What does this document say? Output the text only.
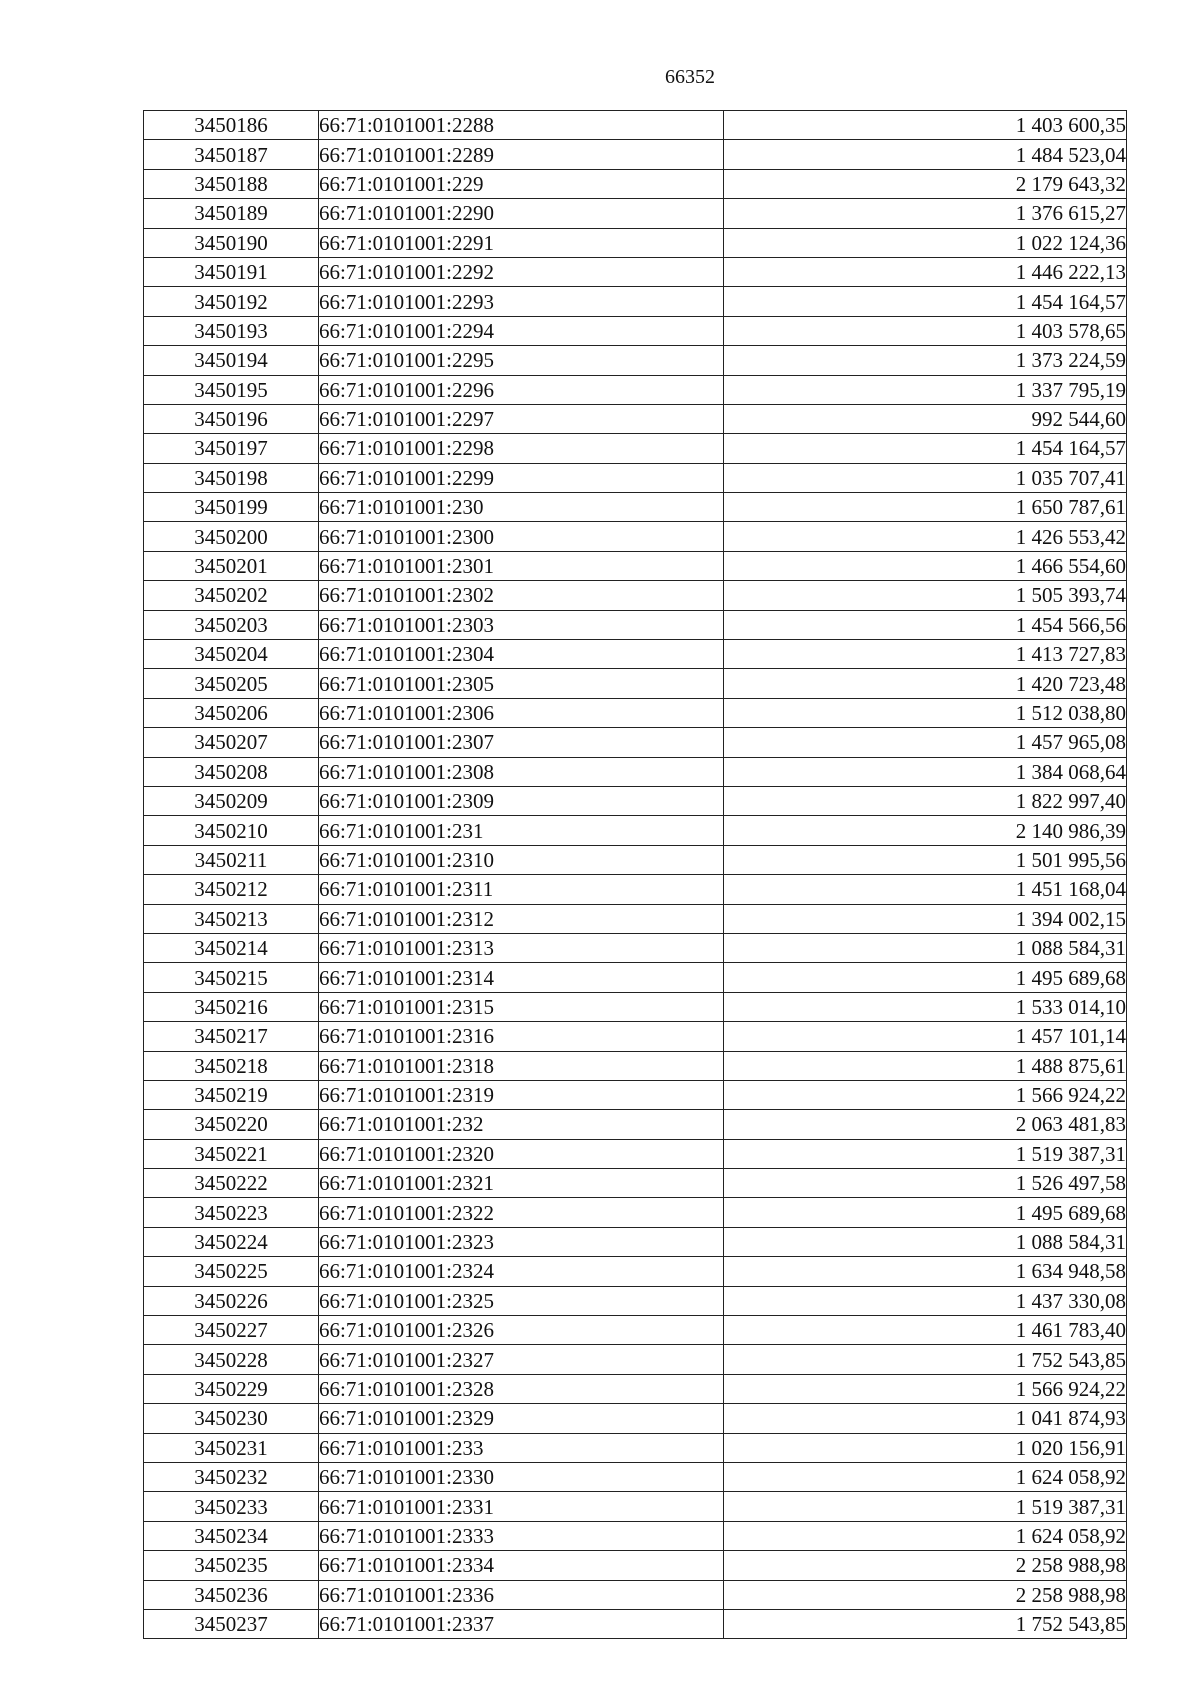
66352
3450186	66:71:0101001:2288	1 403 600,35
3450187	66:71:0101001:2289	1 484 523,04
3450188	66:71:0101001:229	2 179 643,32
3450189	66:71:0101001:2290	1 376 615,27
3450190	66:71:0101001:2291	1 022 124,36
3450191	66:71:0101001:2292	1 446 222,13
3450192	66:71:0101001:2293	1 454 164,57
3450193	66:71:0101001:2294	1 403 578,65
3450194	66:71:0101001:2295	1 373 224,59
3450195	66:71:0101001:2296	1 337 795,19
3450196	66:71:0101001:2297	992 544,60
3450197	66:71:0101001:2298	1 454 164,57
3450198	66:71:0101001:2299	1 035 707,41
3450199	66:71:0101001:230	1 650 787,61
3450200	66:71:0101001:2300	1 426 553,42
3450201	66:71:0101001:2301	1 466 554,60
3450202	66:71:0101001:2302	1 505 393,74
3450203	66:71:0101001:2303	1 454 566,56
3450204	66:71:0101001:2304	1 413 727,83
3450205	66:71:0101001:2305	1 420 723,48
3450206	66:71:0101001:2306	1 512 038,80
3450207	66:71:0101001:2307	1 457 965,08
3450208	66:71:0101001:2308	1 384 068,64
3450209	66:71:0101001:2309	1 822 997,40
3450210	66:71:0101001:231	2 140 986,39
3450211	66:71:0101001:2310	1 501 995,56
3450212	66:71:0101001:2311	1 451 168,04
3450213	66:71:0101001:2312	1 394 002,15
3450214	66:71:0101001:2313	1 088 584,31
3450215	66:71:0101001:2314	1 495 689,68
3450216	66:71:0101001:2315	1 533 014,10
3450217	66:71:0101001:2316	1 457 101,14
3450218	66:71:0101001:2318	1 488 875,61
3450219	66:71:0101001:2319	1 566 924,22
3450220	66:71:0101001:232	2 063 481,83
3450221	66:71:0101001:2320	1 519 387,31
3450222	66:71:0101001:2321	1 526 497,58
3450223	66:71:0101001:2322	1 495 689,68
3450224	66:71:0101001:2323	1 088 584,31
3450225	66:71:0101001:2324	1 634 948,58
3450226	66:71:0101001:2325	1 437 330,08
3450227	66:71:0101001:2326	1 461 783,40
3450228	66:71:0101001:2327	1 752 543,85
3450229	66:71:0101001:2328	1 566 924,22
3450230	66:71:0101001:2329	1 041 874,93
3450231	66:71:0101001:233	1 020 156,91
3450232	66:71:0101001:2330	1 624 058,92
3450233	66:71:0101001:2331	1 519 387,31
3450234	66:71:0101001:2333	1 624 058,92
3450235	66:71:0101001:2334	2 258 988,98
3450236	66:71:0101001:2336	2 258 988,98
3450237	66:71:0101001:2337	1 752 543,85
